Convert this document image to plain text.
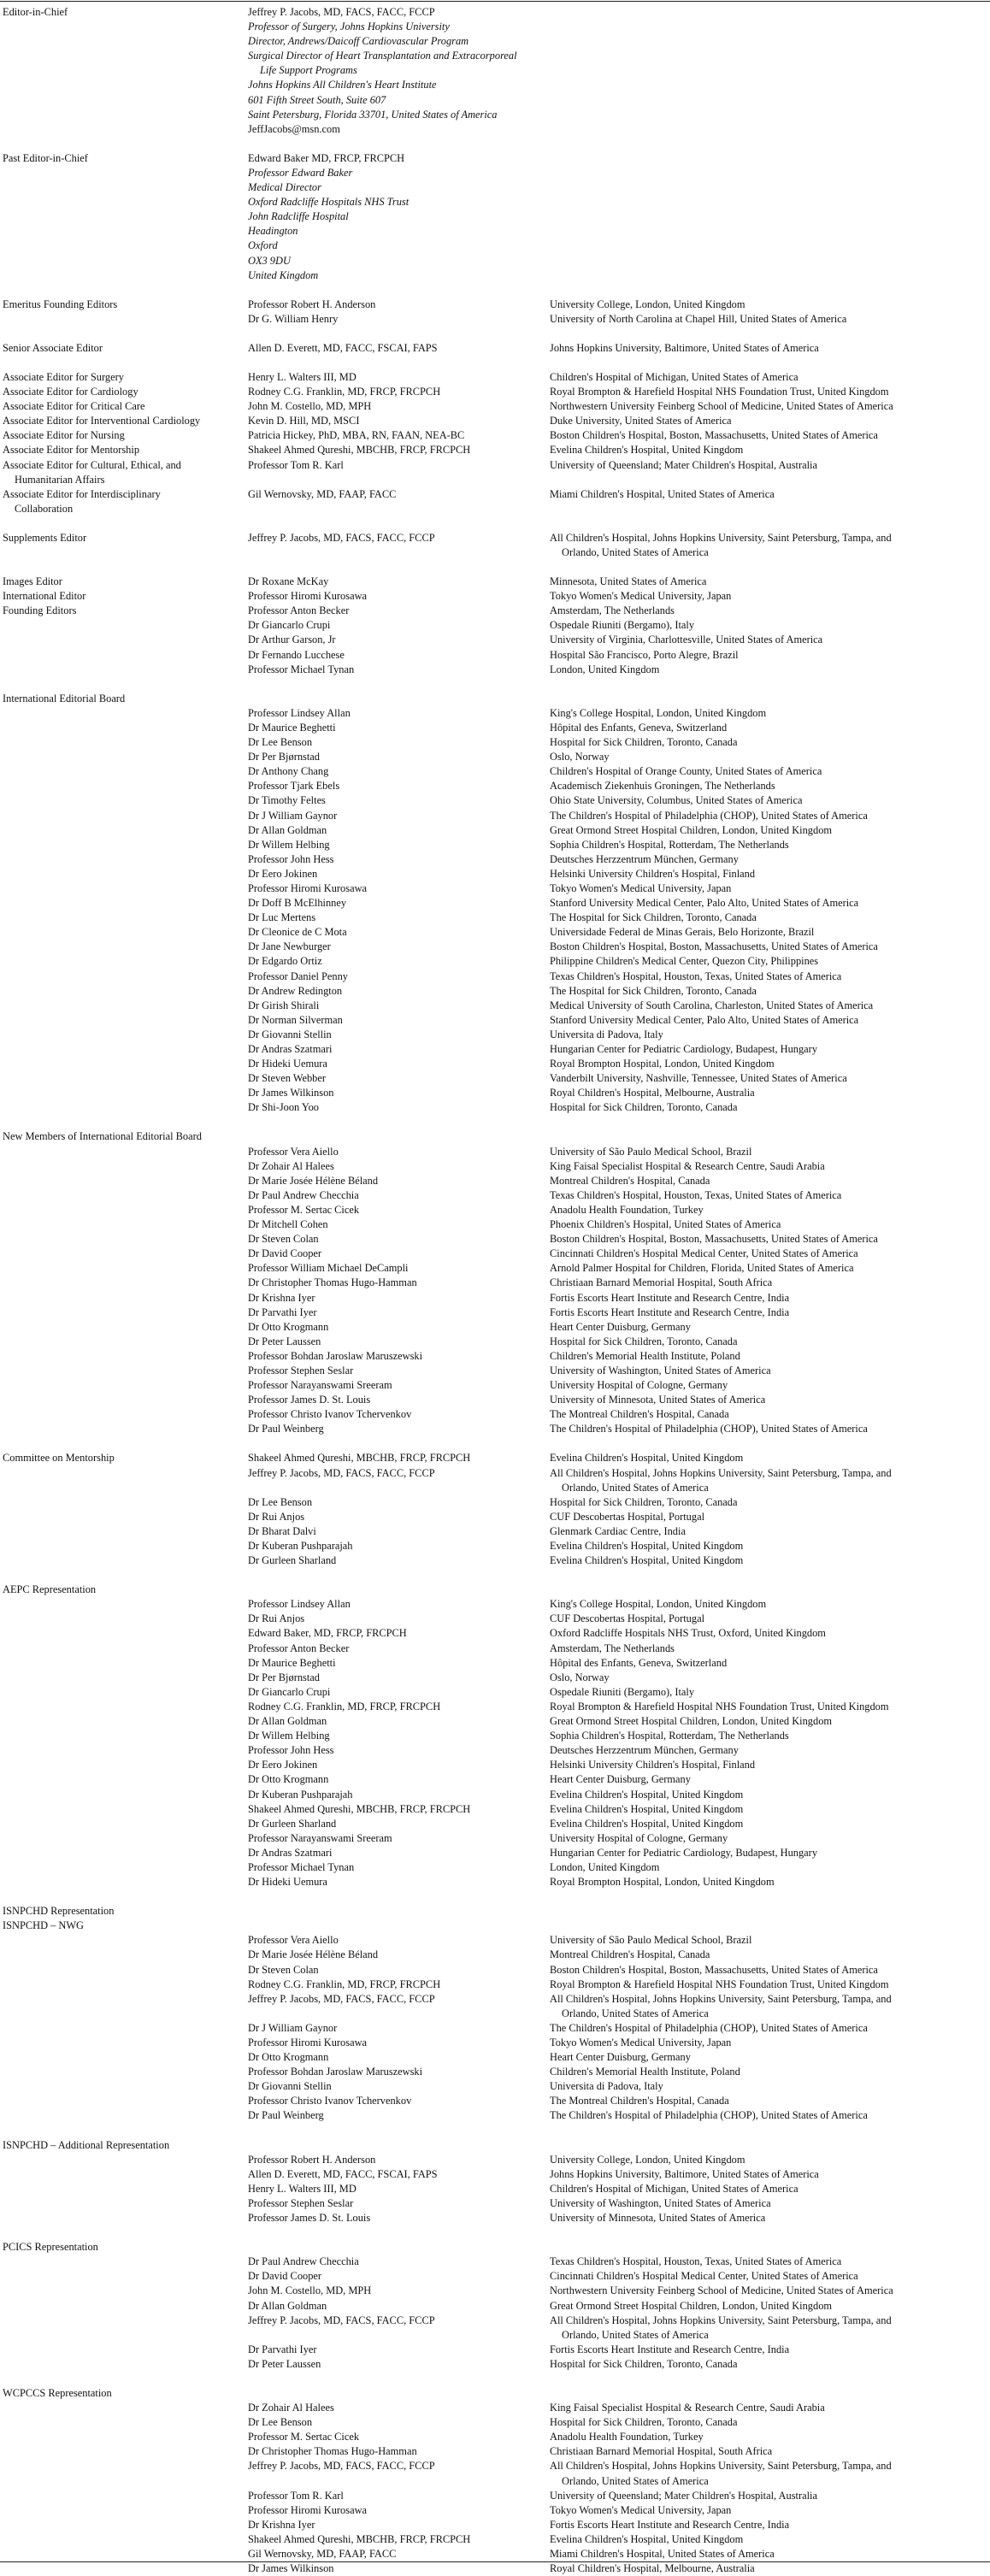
Editor-in-Chief	Jeffrey P. Jacobs, MD, FACS, FACC, FCCP
Professor of Surgery, Johns Hopkins University
Director, Andrews/Daicoff Cardiovascular Program
Surgical Director of Heart Transplantation and Extracorporeal
Life Support Programs
Johns Hopkins All Children's Heart Institute
601 Fifth Street South, Suite 607
Saint Petersburg, Florida 33701, United States of America
JeffJacobs@msn.com
Past Editor-in-Chief	Edward Baker MD, FRCP, FRCPCH
Professor Edward Baker
Medical Director
Oxford Radcliffe Hospitals NHS Trust
John Radcliffe Hospital
Headington
Oxford
OX3 9DU
United Kingdom
Emeritus Founding Editors	Professor Robert H. Anderson	University College, London, United Kingdom
Dr G. William Henry	University of North Carolina at Chapel Hill, United States of America
Senior Associate Editor	Allen D. Everett, MD, FACC, FSCAI, FAPS	Johns Hopkins University, Baltimore, United States of America
Associate Editor for Surgery	Henry L. Walters III, MD	Children's Hospital of Michigan, United States of America
Associate Editor for Cardiology	Rodney C.G. Franklin, MD, FRCP, FRCPCH	Royal Brompton & Harefield Hospital NHS Foundation Trust, United Kingdom
Associate Editor for Critical Care	John M. Costello, MD, MPH	Northwestern University Feinberg School of Medicine, United States of America
Associate Editor for Interventional Cardiology	Kevin D. Hill, MD, MSCI	Duke University, United States of America
Associate Editor for Nursing	Patricia Hickey, PhD, MBA, RN, FAAN, NEA-BC	Boston Children's Hospital, Boston, Massachusetts, United States of America
Associate Editor for Mentorship	Shakeel Ahmed Qureshi, MBCHB, FRCP, FRCPCH	Evelina Children's Hospital, United Kingdom
Associate Editor for Cultural, Ethical, and	Professor Tom R. Karl	University of Queensland; Mater Children's Hospital, Australia
Humanitarian Affairs
Associate Editor for Interdisciplinary	Gil Wernovsky, MD, FAAP, FACC	Miami Children's Hospital, United States of America
Collaboration
Supplements Editor	Jeffrey P. Jacobs, MD, FACS, FACC, FCCP	All Children's Hospital, Johns Hopkins University, Saint Petersburg, Tampa, and
Orlando, United States of America
Images Editor	Dr Roxane McKay	Minnesota, United States of America
International Editor	Professor Hiromi Kurosawa	Tokyo Women's Medical University, Japan
Founding Editors	Professor Anton Becker	Amsterdam, The Netherlands
Dr Giancarlo Crupi	Ospedale Riuniti (Bergamo), Italy
Dr Arthur Garson, Jr	University of Virginia, Charlottesville, United States of America
Dr Fernando Lucchese	Hospital São Francisco, Porto Alegre, Brazil
Professor Michael Tynan	London, United Kingdom
International Editorial Board
Professor Lindsey Allan	King's College Hospital, London, United Kingdom
Dr Maurice Beghetti	Hôpital des Enfants, Geneva, Switzerland
Dr Lee Benson	Hospital for Sick Children, Toronto, Canada
Dr Per Bjørnstad	Oslo, Norway
Dr Anthony Chang	Children's Hospital of Orange County, United States of America
Professor Tjark Ebels	Academisch Ziekenhuis Groningen, The Netherlands
Dr Timothy Feltes	Ohio State University, Columbus, United States of America
Dr J William Gaynor	The Children's Hospital of Philadelphia (CHOP), United States of America
Dr Allan Goldman	Great Ormond Street Hospital Children, London, United Kingdom
Dr Willem Helbing	Sophia Children's Hospital, Rotterdam, The Netherlands
Professor John Hess	Deutsches Herzzentrum München, Germany
Dr Eero Jokinen	Helsinki University Children's Hospital, Finland
Professor Hiromi Kurosawa	Tokyo Women's Medical University, Japan
Dr Doff B McElhinney	Stanford University Medical Center, Palo Alto, United States of America
Dr Luc Mertens	The Hospital for Sick Children, Toronto, Canada
Dr Cleonice de C Mota	Universidade Federal de Minas Gerais, Belo Horizonte, Brazil
Dr Jane Newburger	Boston Children's Hospital, Boston, Massachusetts, United States of America
Dr Edgardo Ortiz	Philippine Children's Medical Center, Quezon City, Philippines
Professor Daniel Penny	Texas Children's Hospital, Houston, Texas, United States of America
Dr Andrew Redington	The Hospital for Sick Children, Toronto, Canada
Dr Girish Shirali	Medical University of South Carolina, Charleston, United States of America
Dr Norman Silverman	Stanford University Medical Center, Palo Alto, United States of America
Dr Giovanni Stellin	Universita di Padova, Italy
Dr Andras Szatmari	Hungarian Center for Pediatric Cardiology, Budapest, Hungary
Dr Hideki Uemura	Royal Brompton Hospital, London, United Kingdom
Dr Steven Webber	Vanderbilt University, Nashville, Tennessee, United States of America
Dr James Wilkinson	Royal Children's Hospital, Melbourne, Australia
Dr Shi-Joon Yoo	Hospital for Sick Children, Toronto, Canada
New Members of International Editorial Board
Professor Vera Aiello	University of São Paulo Medical School, Brazil
Dr Zohair Al Halees	King Faisal Specialist Hospital & Research Centre, Saudi Arabia
Dr Marie Josée Hélène Béland	Montreal Children's Hospital, Canada
Dr Paul Andrew Checchia	Texas Children's Hospital, Houston, Texas, United States of America
Professor M. Sertac Cicek	Anadolu Health Foundation, Turkey
Dr Mitchell Cohen	Phoenix Children's Hospital, United States of America
Dr Steven Colan	Boston Children's Hospital, Boston, Massachusetts, United States of America
Dr David Cooper	Cincinnati Children's Hospital Medical Center, United States of America
Professor William Michael DeCampli	Arnold Palmer Hospital for Children, Florida, United States of America
Dr Christopher Thomas Hugo-Hamman	Christiaan Barnard Memorial Hospital, South Africa
Dr Krishna Iyer	Fortis Escorts Heart Institute and Research Centre, India
Dr Parvathi Iyer	Fortis Escorts Heart Institute and Research Centre, India
Dr Otto Krogmann	Heart Center Duisburg, Germany
Dr Peter Laussen	Hospital for Sick Children, Toronto, Canada
Professor Bohdan Jaroslaw Maruszewski	Children's Memorial Health Institute, Poland
Professor Stephen Seslar	University of Washington, United States of America
Professor Narayanswami Sreeram	University Hospital of Cologne, Germany
Professor James D. St. Louis	University of Minnesota, United States of America
Professor Christo Ivanov Tchervenkov	The Montreal Children's Hospital, Canada
Dr Paul Weinberg	The Children's Hospital of Philadelphia (CHOP), United States of America
Committee on Mentorship	Shakeel Ahmed Qureshi, MBCHB, FRCP, FRCPCH	Evelina Children's Hospital, United Kingdom
Jeffrey P. Jacobs, MD, FACS, FACC, FCCP	All Children's Hospital, Johns Hopkins University, Saint Petersburg, Tampa, and
Orlando, United States of America
Dr Lee Benson	Hospital for Sick Children, Toronto, Canada
Dr Rui Anjos	CUF Descobertas Hospital, Portugal
Dr Bharat Dalvi	Glenmark Cardiac Centre, India
Dr Kuberan Pushparajah	Evelina Children's Hospital, United Kingdom
Dr Gurleen Sharland	Evelina Children's Hospital, United Kingdom
AEPC Representation
Professor Lindsey Allan	King's College Hospital, London, United Kingdom
Dr Rui Anjos	CUF Descobertas Hospital, Portugal
Edward Baker, MD, FRCP, FRCPCH	Oxford Radcliffe Hospitals NHS Trust, Oxford, United Kingdom
Professor Anton Becker	Amsterdam, The Netherlands
Dr Maurice Beghetti	Hôpital des Enfants, Geneva, Switzerland
Dr Per Bjørnstad	Oslo, Norway
Dr Giancarlo Crupi	Ospedale Riuniti (Bergamo), Italy
Rodney C.G. Franklin, MD, FRCP, FRCPCH	Royal Brompton & Harefield Hospital NHS Foundation Trust, United Kingdom
Dr Allan Goldman	Great Ormond Street Hospital Children, London, United Kingdom
Dr Willem Helbing	Sophia Children's Hospital, Rotterdam, The Netherlands
Professor John Hess	Deutsches Herzzentrum München, Germany
Dr Eero Jokinen	Helsinki University Children's Hospital, Finland
Dr Otto Krogmann	Heart Center Duisburg, Germany
Dr Kuberan Pushparajah	Evelina Children's Hospital, United Kingdom
Shakeel Ahmed Qureshi, MBCHB, FRCP, FRCPCH	Evelina Children's Hospital, United Kingdom
Dr Gurleen Sharland	Evelina Children's Hospital, United Kingdom
Professor Narayanswami Sreeram	University Hospital of Cologne, Germany
Dr Andras Szatmari	Hungarian Center for Pediatric Cardiology, Budapest, Hungary
Professor Michael Tynan	London, United Kingdom
Dr Hideki Uemura	Royal Brompton Hospital, London, United Kingdom
ISNPCHD Representation
ISNPCHD – NWG
Professor Vera Aiello	University of São Paulo Medical School, Brazil
Dr Marie Josée Hélène Béland	Montreal Children's Hospital, Canada
Dr Steven Colan	Boston Children's Hospital, Boston, Massachusetts, United States of America
Rodney C.G. Franklin, MD, FRCP, FRCPCH	Royal Brompton & Harefield Hospital NHS Foundation Trust, United Kingdom
Jeffrey P. Jacobs, MD, FACS, FACC, FCCP	All Children's Hospital, Johns Hopkins University, Saint Petersburg, Tampa, and
Orlando, United States of America
Dr J William Gaynor	The Children's Hospital of Philadelphia (CHOP), United States of America
Professor Hiromi Kurosawa	Tokyo Women's Medical University, Japan
Dr Otto Krogmann	Heart Center Duisburg, Germany
Professor Bohdan Jaroslaw Maruszewski	Children's Memorial Health Institute, Poland
Dr Giovanni Stellin	Universita di Padova, Italy
Professor Christo Ivanov Tchervenkov	The Montreal Children's Hospital, Canada
Dr Paul Weinberg	The Children's Hospital of Philadelphia (CHOP), United States of America
ISNPCHD – Additional Representation
Professor Robert H. Anderson	University College, London, United Kingdom
Allen D. Everett, MD, FACC, FSCAI, FAPS	Johns Hopkins University, Baltimore, United States of America
Henry L. Walters III, MD	Children's Hospital of Michigan, United States of America
Professor Stephen Seslar	University of Washington, United States of America
Professor James D. St. Louis	University of Minnesota, United States of America
PCICS Representation
Dr Paul Andrew Checchia	Texas Children's Hospital, Houston, Texas, United States of America
Dr David Cooper	Cincinnati Children's Hospital Medical Center, United States of America
John M. Costello, MD, MPH	Northwestern University Feinberg School of Medicine, United States of America
Dr Allan Goldman	Great Ormond Street Hospital Children, London, United Kingdom
Jeffrey P. Jacobs, MD, FACS, FACC, FCCP	All Children's Hospital, Johns Hopkins University, Saint Petersburg, Tampa, and
Orlando, United States of America
Dr Parvathi Iyer	Fortis Escorts Heart Institute and Research Centre, India
Dr Peter Laussen	Hospital for Sick Children, Toronto, Canada
WCPCCS Representation
Dr Zohair Al Halees	King Faisal Specialist Hospital & Research Centre, Saudi Arabia
Dr Lee Benson	Hospital for Sick Children, Toronto, Canada
Professor M. Sertac Cicek	Anadolu Health Foundation, Turkey
Dr Christopher Thomas Hugo-Hamman	Christiaan Barnard Memorial Hospital, South Africa
Jeffrey P. Jacobs, MD, FACS, FACC, FCCP	All Children's Hospital, Johns Hopkins University, Saint Petersburg, Tampa, and
Orlando, United States of America
Professor Tom R. Karl	University of Queensland; Mater Children's Hospital, Australia
Professor Hiromi Kurosawa	Tokyo Women's Medical University, Japan
Dr Krishna Iyer	Fortis Escorts Heart Institute and Research Centre, India
Shakeel Ahmed Qureshi, MBCHB, FRCP, FRCPCH	Evelina Children's Hospital, United Kingdom
Gil Wernovsky, MD, FAAP, FACC	Miami Children's Hospital, United States of America
Dr James Wilkinson	Royal Children's Hospital, Melbourne, Australia
